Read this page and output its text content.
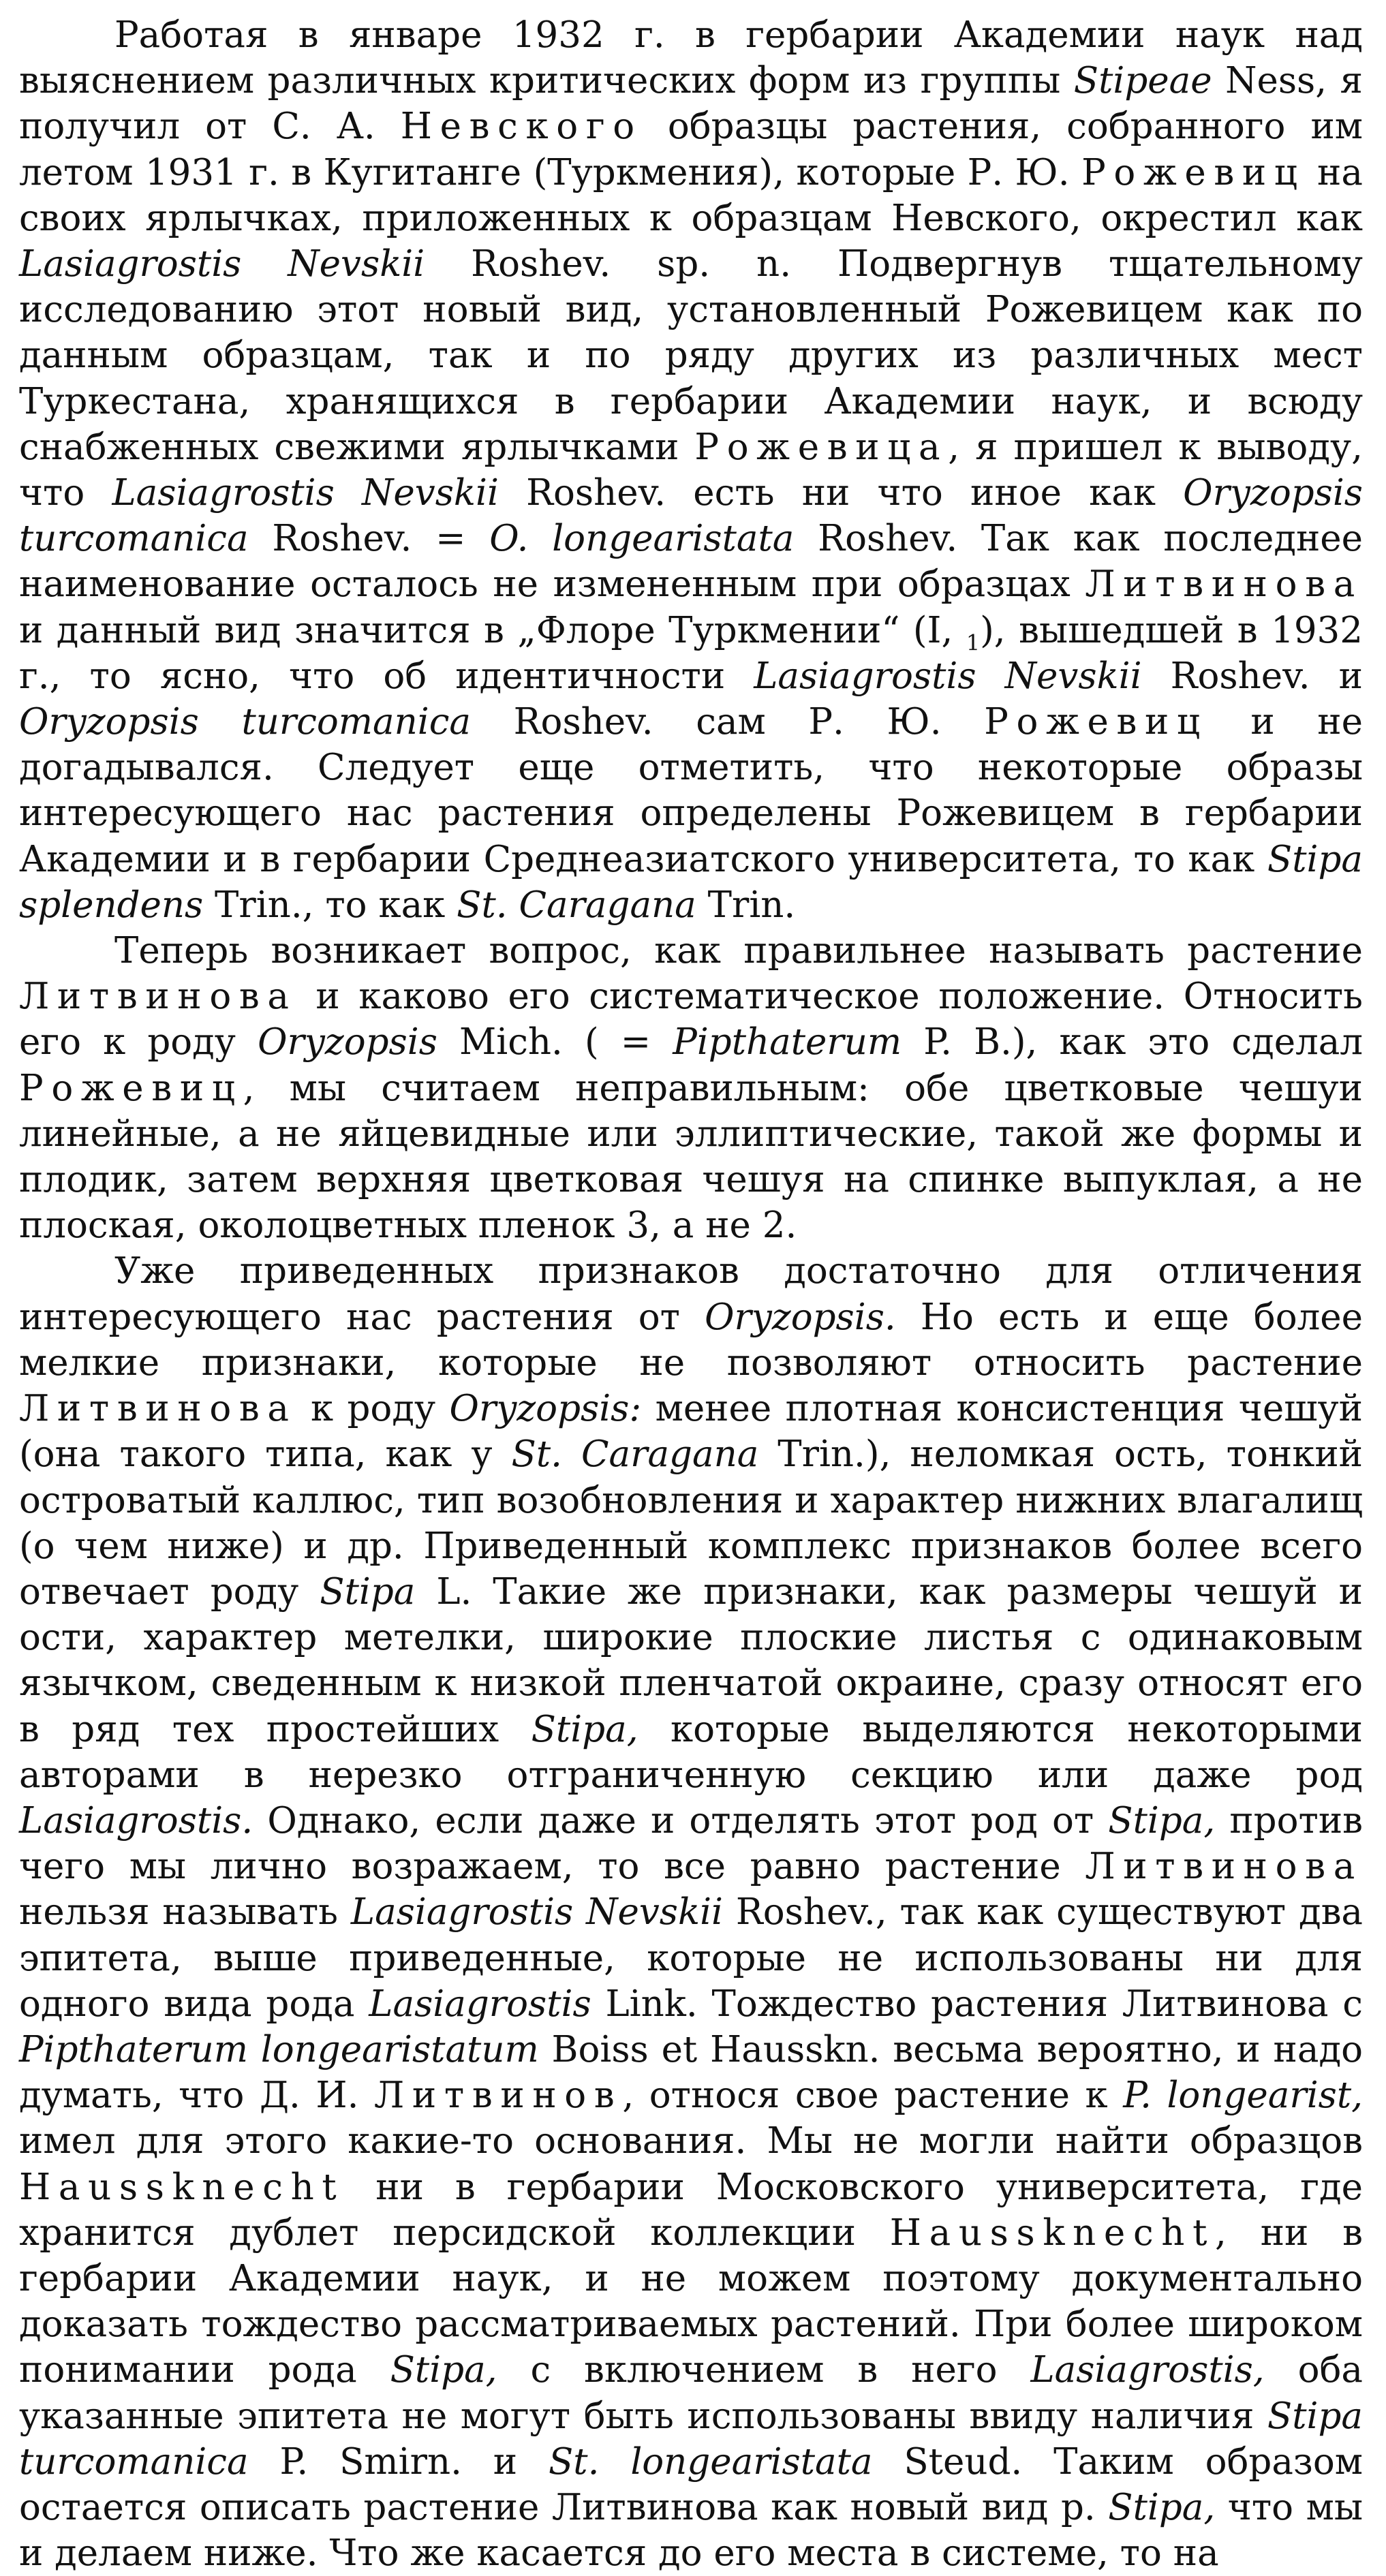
Работая в январе 1932 г. в гербарии Академии наук над выяснением различных критических форм из группы Stipeae Ness, я получил от С. А. Невского образцы растения, собранного им летом 1931 г. в Кугитанге (Туркмения), которые Р. Ю. Рожевиц на своих ярлычках, приложенных к образцам Невского, окрестил как Lasiagrostis Nevskii Roshev. sp. n. Подвергнув тщательному исследованию этот новый вид, установленный Рожевицем как по данным образцам, так и по ряду других из различных мест Туркестана, хранящихся в гербарии Академии наук, и всюду снабженных свежими ярлычками Рожевица, я пришел к выводу, что Lasiagrostis Nevskii Roshev. есть ни что иное как Oryzopsis turcomanica Roshev. = O. longearistata Roshev. Так как последнее наименование осталось не измененным при образцах Литвинова и данный вид значится в „Флоре Туркмении“ (I, $_1$), вышедшей в 1932 г., то ясно, что об идентичности Lasiagrostis Nevskii Roshev. и Oryzopsis turcomanica Roshev. сам Р. Ю. Рожевиц и не догадывался. Следует еще отметить, что некоторые образы интересующего нас растения определены Рожевицем в гербарии Академии и в гербарии Среднеазиатского университета, то как Stipa splendens Trin., то как St. Caragana Trin.

Теперь возникает вопрос, как правильнее называть растение Литвинова и каково его систематическое положение. Относить его к роду Oryzopsis Mich. ( = Pipthaterum P. B.), как это сделал Рожевиц, мы считаем неправильным: обе цветковые чешуи линейные, а не яйцевидные или эллиптические, такой же формы и плодик, затем верхняя цветковая чешуя на спинке выпуклая, а не плоская, околоцветных пленок 3, а не 2.

Уже приведенных признаков достаточно для отличения интересующего нас растения от Oryzopsis. Но есть и еще более мелкие признаки, которые не позволяют относить растение Литвинова к роду Oryzopsis: менее плотная консистенция чешуй (она такого типа, как у St. Caragana Trin.), неломкая ость, тонкий островатый каллюс, тип возобновления и характер нижних влагалищ (о чем ниже) и др. Приведенный комплекс признаков более всего отвечает роду Stipa L. Такие же признаки, как размеры чешуй и ости, характер метелки, широкие плоские листья с одинаковым язычком, сведенным к низкой пленчатой окраине, сразу относят его в ряд тех простейших Stipa, которые выделяются некоторыми авторами в нерезко отграниченную секцию или даже род Lasiagrostis. Однако, если даже и отделять этот род от Stipa, против чего мы лично возражаем, то все равно растение Литвинова нельзя называть Lasiagrostis Nevskii Roshev., так как существуют два эпитета, выше приведенные, которые не использованы ни для одного вида рода Lasiagrostis Link. Тождество растения Литвинова с Pipthaterum longearistatum Boiss et Hausskn. весьма вероятно, и надо думать, что Д. И. Литвинов, относя свое растение к P. longearist, имел для этого какие-то основания. Мы не могли найти образцов Haussknecht ни в гербарии Московского университета, где хранится дублет персидской коллекции Haussknecht, ни в гербарии Академии наук, и не можем поэтому документально доказать тождество рассматриваемых растений. При более широком понимании рода Stipa, с включением в него Lasiagrostis, оба указанные эпитета не могут быть использованы ввиду наличия Stipa turcomanica P. Smirn. и St. longearistata Steud. Таким образом остается описать растение Литвинова как новый вид р. Stipa, что мы и делаем ниже. Что же касается до его места в системе, то на
